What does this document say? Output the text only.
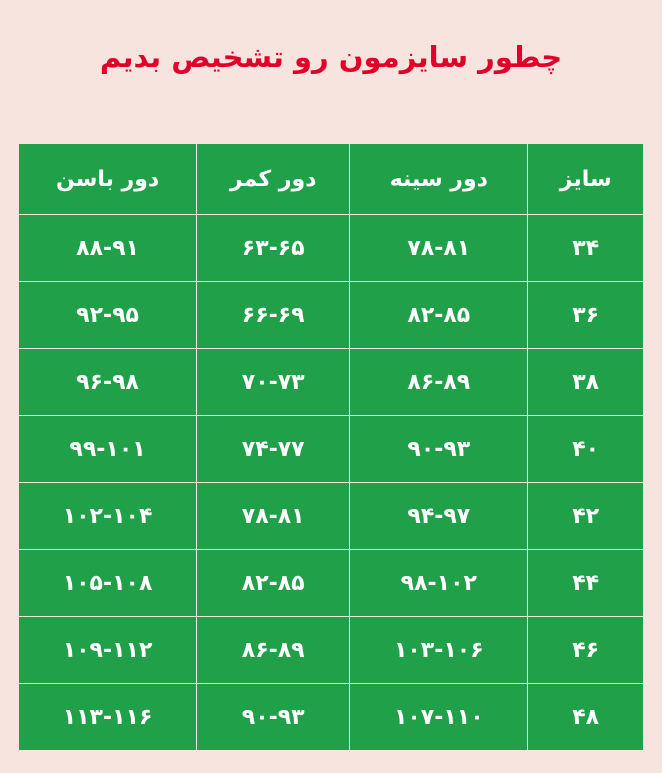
چطور سایزمون رو تشخیص بدیم
سایز	دور سینه	دور کمر	دور باسن
۳۴	۷۸-۸۱	۶۳-۶۵	۸۸-۹۱
۳۶	۸۲-۸۵	۶۶-۶۹	۹۲-۹۵
۳۸	۸۶-۸۹	۷۰-۷۳	۹۶-۹۸
۴۰	۹۰-۹۳	۷۴-۷۷	۹۹-۱۰۱
۴۲	۹۴-۹۷	۷۸-۸۱	۱۰۲-۱۰۴
۴۴	۹۸-۱۰۲	۸۲-۸۵	۱۰۵-۱۰۸
۴۶	۱۰۳-۱۰۶	۸۶-۸۹	۱۰۹-۱۱۲
۴۸	۱۰۷-۱۱۰	۹۰-۹۳	۱۱۳-۱۱۶
